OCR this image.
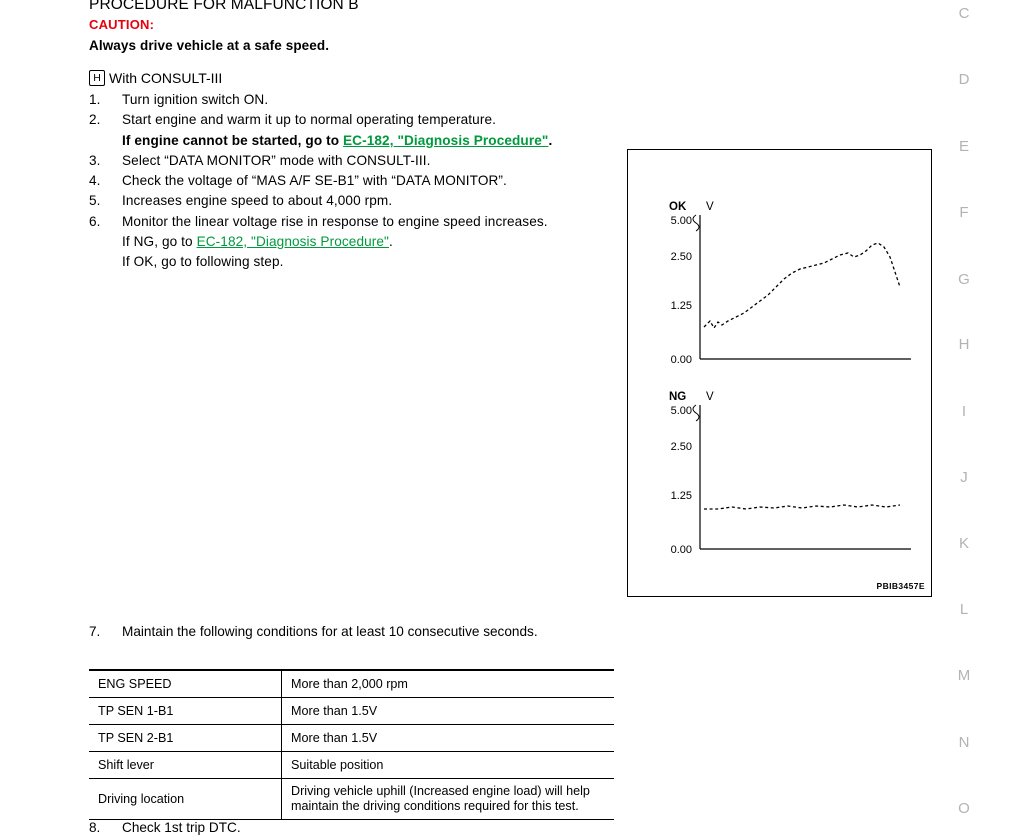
C
D
E
F
G
H
I
J
K
L
M
N
O
PROCEDURE FOR MALFUNCTION B
CAUTION:
Always drive vehicle at a safe speed.
H With CONSULT-III
1.	Turn ignition switch ON.
2.	Start engine and warm it up to normal operating temperature.
If engine cannot be started, go to EC-182, "Diagnosis Procedure".
3.	Select “DATA MONITOR” mode with CONSULT-III.
4.	Check the voltage of “MAS A/F SE-B1” with “DATA MONITOR”.
5.	Increases engine speed to about 4,000 rpm.
6.	Monitor the linear voltage rise in response to engine speed increases.
If NG, go to EC-182, "Diagnosis Procedure".
If OK, go to following step.
OK V
5.00
2.50
1.25
0.00
NG V
5.00
2.50
1.25
0.00
PBIB3457E
7. Maintain the following conditions for at least 10 consecutive seconds.
ENG SPEED	More than 2,000 rpm
TP SEN 1-B1	More than 1.5V
TP SEN 2-B1	More than 1.5V
Shift lever	Suitable position
Driving location	Driving vehicle uphill (Increased engine load) will help maintain the driving conditions required for this test.
8. Check 1st trip DTC.
